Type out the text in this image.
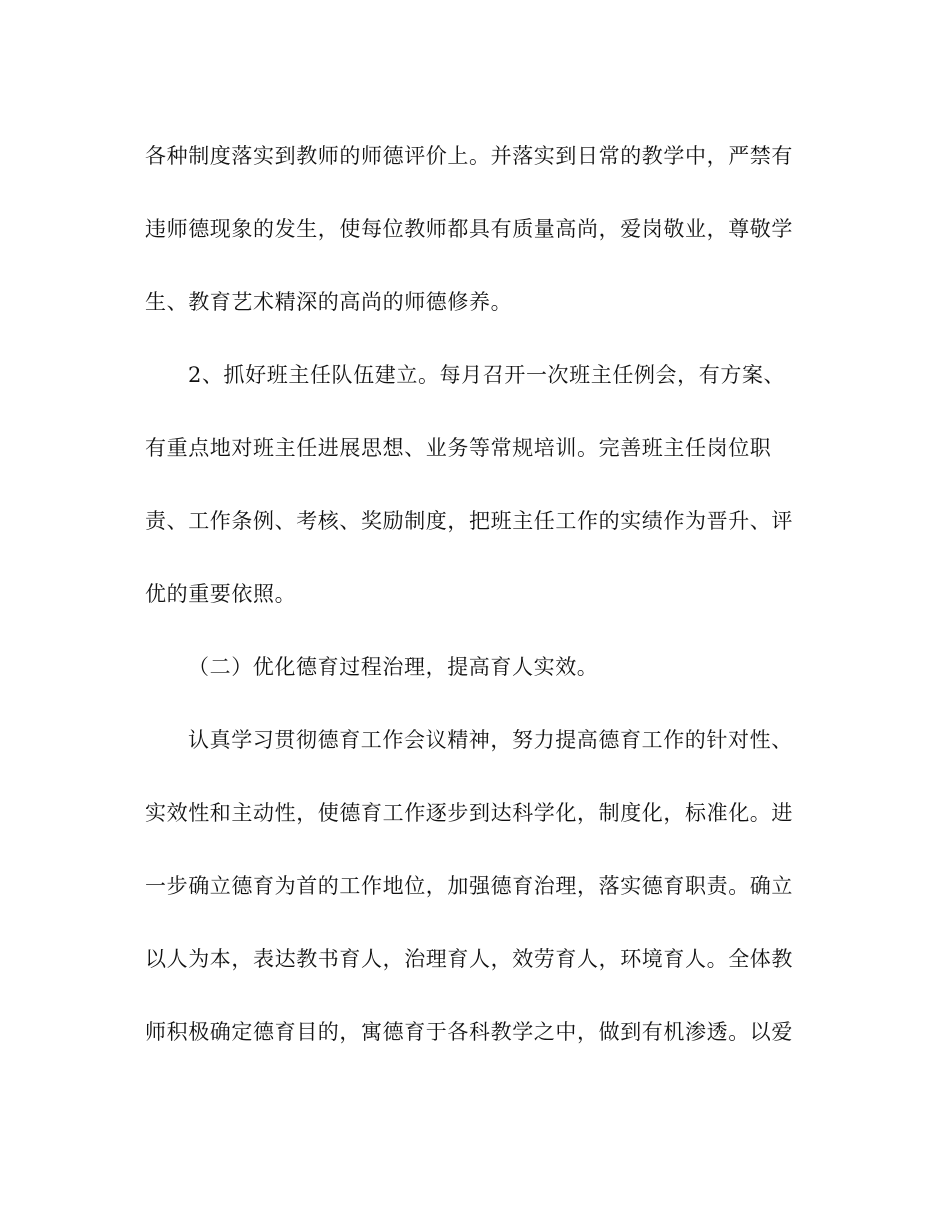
各种制度落实到教师的师德评价上。并落实到日常的教学中，严禁有
违师德现象的发生，使每位教师都具有质量高尚，爱岗敬业，尊敬学
生、教育艺术精深的高尚的师德修养。
2、抓好班主任队伍建立。每月召开一次班主任例会，有方案、
有重点地对班主任进展思想、业务等常规培训。完善班主任岗位职
责、工作条例、考核、奖励制度，把班主任工作的实绩作为晋升、评
优的重要依照。
（二）优化德育过程治理，提高育人实效。
认真学习贯彻德育工作会议精神，努力提高德育工作的针对性、
实效性和主动性，使德育工作逐步到达科学化，制度化，标准化。进
一步确立德育为首的工作地位，加强德育治理，落实德育职责。确立
以人为本，表达教书育人，治理育人，效劳育人，环境育人。全体教
师积极确定德育目的，寓德育于各科教学之中，做到有机渗透。以爱
